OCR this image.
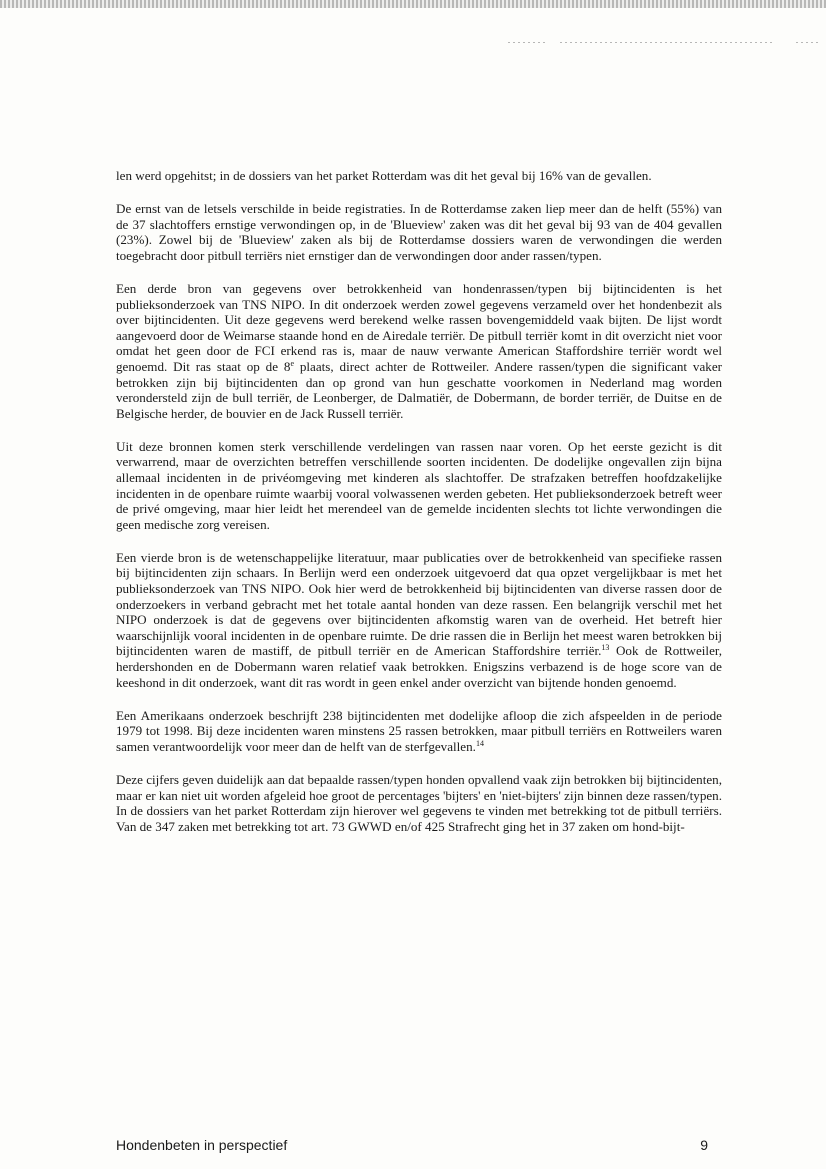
len werd opgehitst; in de dossiers van het parket Rotterdam was dit het geval bij 16% van de gevallen.

De ernst van de letsels verschilde in beide registraties. In de Rotterdamse zaken liep meer dan de helft (55%) van de 37 slachtoffers ernstige verwondingen op, in de 'Blueview' zaken was dit het geval bij 93 van de 404 gevallen (23%). Zowel bij de 'Blueview' zaken als bij de Rotterdamse dossiers waren de verwondingen die werden toegebracht door pitbull terriërs niet ernstiger dan de verwondingen door ander rassen/typen.

Een derde bron van gegevens over betrokkenheid van hondenrassen/typen bij bijtincidenten is het publieksonderzoek van TNS NIPO. In dit onderzoek werden zowel gegevens verzameld over het hondenbezit als over bijtincidenten. Uit deze gegevens werd berekend welke rassen bovengemiddeld vaak bijten. De lijst wordt aangevoerd door de Weimarse staande hond en de Airedale terriër. De pitbull terriër komt in dit overzicht niet voor omdat het geen door de FCI erkend ras is, maar de nauw verwante American Staffordshire terriër wordt wel genoemd. Dit ras staat op de 8e plaats, direct achter de Rottweiler. Andere rassen/typen die significant vaker betrokken zijn bij bijtincidenten dan op grond van hun geschatte voorkomen in Nederland mag worden verondersteld zijn de bull terriër, de Leonberger, de Dalmatiër, de Dobermann, de border terriër, de Duitse en de Belgische herder, de bouvier en de Jack Russell terriër.

Uit deze bronnen komen sterk verschillende verdelingen van rassen naar voren. Op het eerste gezicht is dit verwarrend, maar de overzichten betreffen verschillende soorten incidenten. De dodelijke ongevallen zijn bijna allemaal incidenten in de privéomgeving met kinderen als slachtoffer. De strafzaken betreffen hoofdzakelijke incidenten in de openbare ruimte waarbij vooral volwassenen werden gebeten. Het publieksonderzoek betreft weer de privé omgeving, maar hier leidt het merendeel van de gemelde incidenten slechts tot lichte verwondingen die geen medische zorg vereisen.

Een vierde bron is de wetenschappelijke literatuur, maar publicaties over de betrokkenheid van specifieke rassen bij bijtincidenten zijn schaars. In Berlijn werd een onderzoek uitgevoerd dat qua opzet vergelijkbaar is met het publieksonderzoek van TNS NIPO. Ook hier werd de betrokkenheid bij bijtincidenten van diverse rassen door de onderzoekers in verband gebracht met het totale aantal honden van deze rassen. Een belangrijk verschil met het NIPO onderzoek is dat de gegevens over bijtincidenten afkomstig waren van de overheid. Het betreft hier waarschijnlijk vooral incidenten in de openbare ruimte. De drie rassen die in Berlijn het meest waren betrokken bij bijtincidenten waren de mastiff, de pitbull terriër en de American Staffordshire terriër.$^{13}$ Ook de Rottweiler, herdershonden en de Dobermann waren relatief vaak betrokken. Enigszins verbazend is de hoge score van de keeshond in dit onderzoek, want dit ras wordt in geen enkel ander overzicht van bijtende honden genoemd.

Een Amerikaans onderzoek beschrijft 238 bijtincidenten met dodelijke afloop die zich afspeelden in de periode 1979 tot 1998. Bij deze incidenten waren minstens 25 rassen betrokken, maar pitbull terriërs en Rottweilers waren samen verantwoordelijk voor meer dan de helft van de sterfgevallen.$^{14}$

Deze cijfers geven duidelijk aan dat bepaalde rassen/typen honden opvallend vaak zijn betrokken bij bijtincidenten, maar er kan niet uit worden afgeleid hoe groot de percentages 'bijters' en 'niet-bijters' zijn binnen deze rassen/typen. In de dossiers van het parket Rotterdam zijn hierover wel gegevens te vinden met betrekking tot de pitbull terriërs. Van de 347 zaken met betrekking tot art. 73 GWWD en/of 425 Strafrecht ging het in 37 zaken om hond-bijt-

Hondenbeten in perspectief	9
